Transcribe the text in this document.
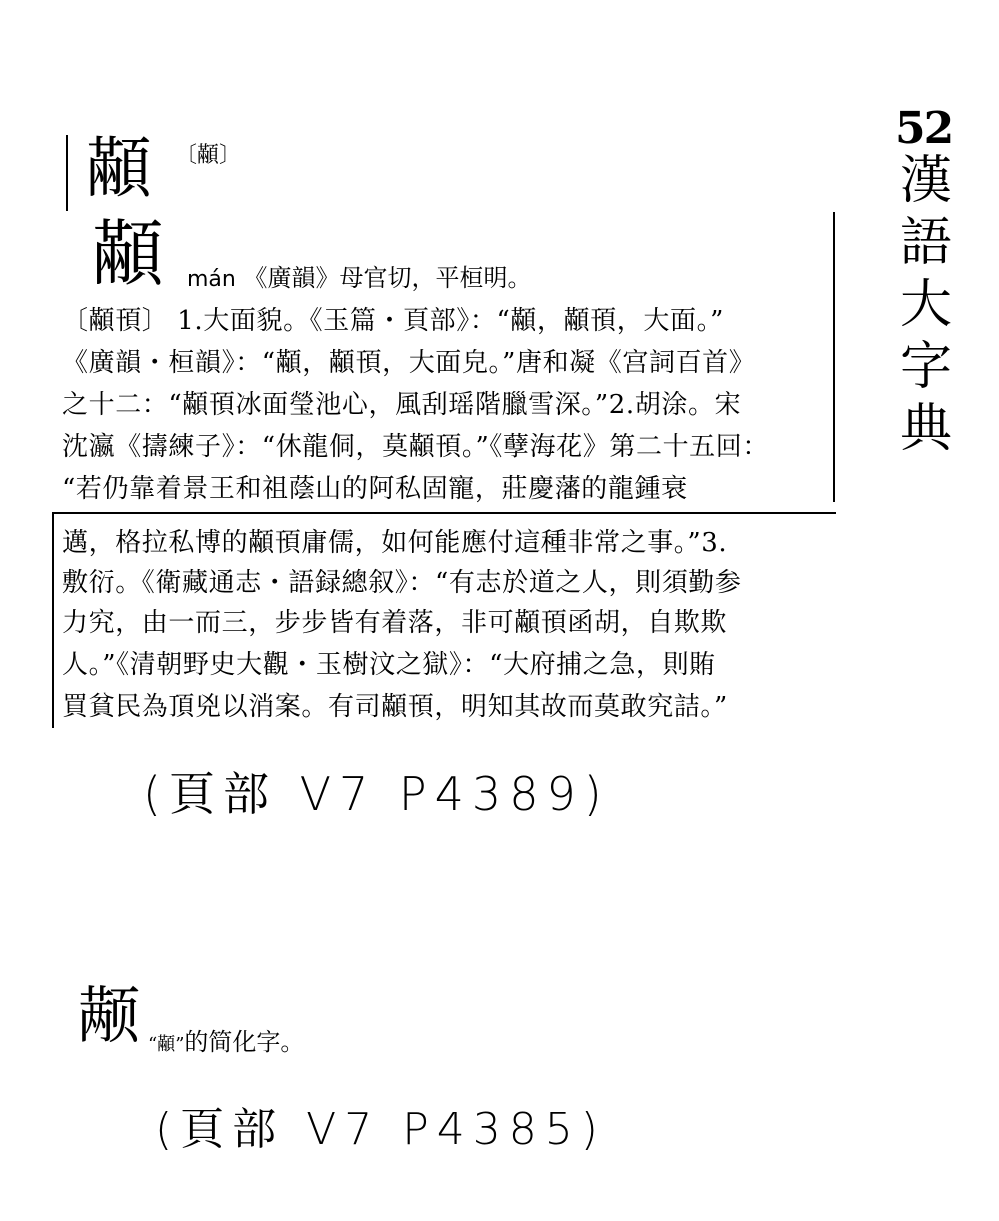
52
漢語大字典
顢 〔顢〕
顢 mán 《廣韻》母官切，平桓明。
〔顢頇〕 1.大面貌。《玉篇・頁部》：“顢，顢頇，大面。”
《廣韻・桓韻》：“顢，顢頇，大面皃。”唐和凝《宫詞百首》
之十二：“顢頇冰面瑩池心，風刮瑶階臘雪深。”2.胡涂。宋
沈瀛《擣練子》：“休龍侗，莫顢頇。”《孽海花》第二十五回：
“若仍靠着景王和祖蔭山的阿私固寵，莊慶藩的龍鍾衰
邁，格拉私博的顢頇庸儒，如何能應付這種非常之事。”3.
敷衍。《衛藏通志・語録總叙》：“有志於道之人，則須勤参
力究，由一而三，步步皆有着落，非可顢頇函胡，自欺欺
人。”《清朝野史大觀・玉樹汶之獄》：“大府捕之急，則賄
買貧民為頂兇以消案。有司顢頇，明知其故而莫敢究詰。”
(頁部 V7 P4389)
颟 “顢”的简化字。
(頁部 V7 P4385)
